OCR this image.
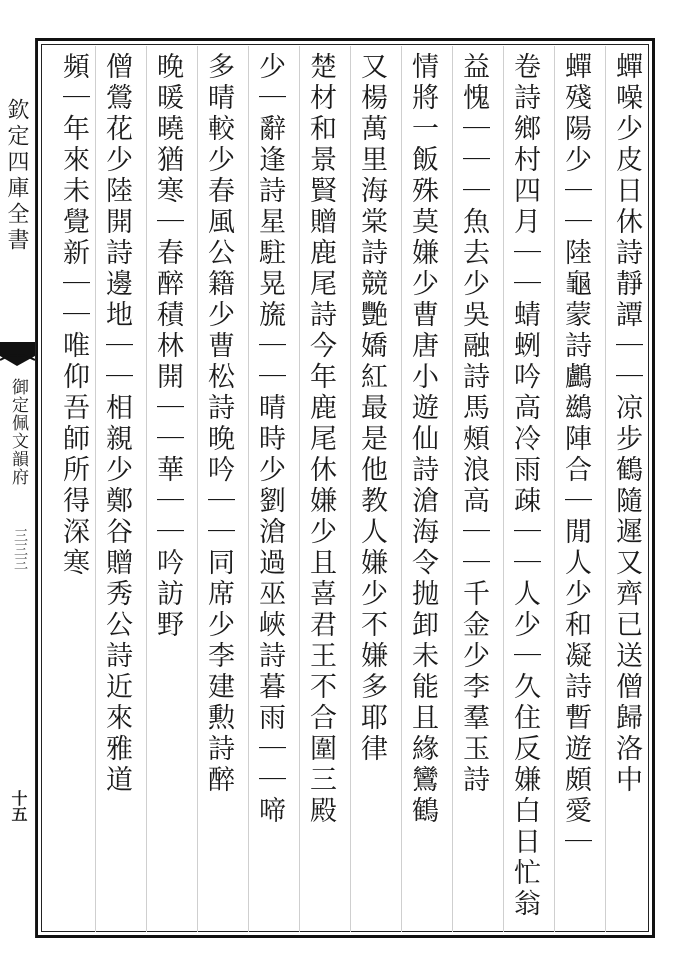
欽定四庫全書
御定佩文韻府
三三三
十五
蟬噪少皮日休詩靜譚｜｜凉步鶴隨遲又齊已送僧歸洛中
蟬殘陽少｜｜陸龜蒙詩鸕鷀陣合｜閒人少和凝詩暫遊頗愛｜
卷詩鄉村四月｜｜蜻蛚吟高冷雨疎｜｜人少｜久住反嫌白日忙翁
益愧｜｜｜魚去少吳融詩馬頰浪高｜｜千金少李羣玉詩
情將一飯殊莫嫌少曹唐小遊仙詩滄海令抛卸未能且緣鸞鶴
又楊萬里海棠詩競艷嬌紅最是他教人嫌少不嫌多耶律
楚材和景賢贈鹿尾詩今年鹿尾休嫌少且喜君王不合圍三殿
少｜辭逢詩星駐晃旒｜｜晴時少劉滄過巫峽詩暮雨｜｜啼
多晴較少春風公籍少曹松詩晚吟｜｜同席少李建勲詩醉
晚暖曉猶寒｜春醉積林開｜｜華｜｜吟訪野
僧鶯花少陸開詩邊地｜｜相親少鄭谷贈秀公詩近來雅道
頻｜年來未覺新｜｜唯仰吾師所得深寒
